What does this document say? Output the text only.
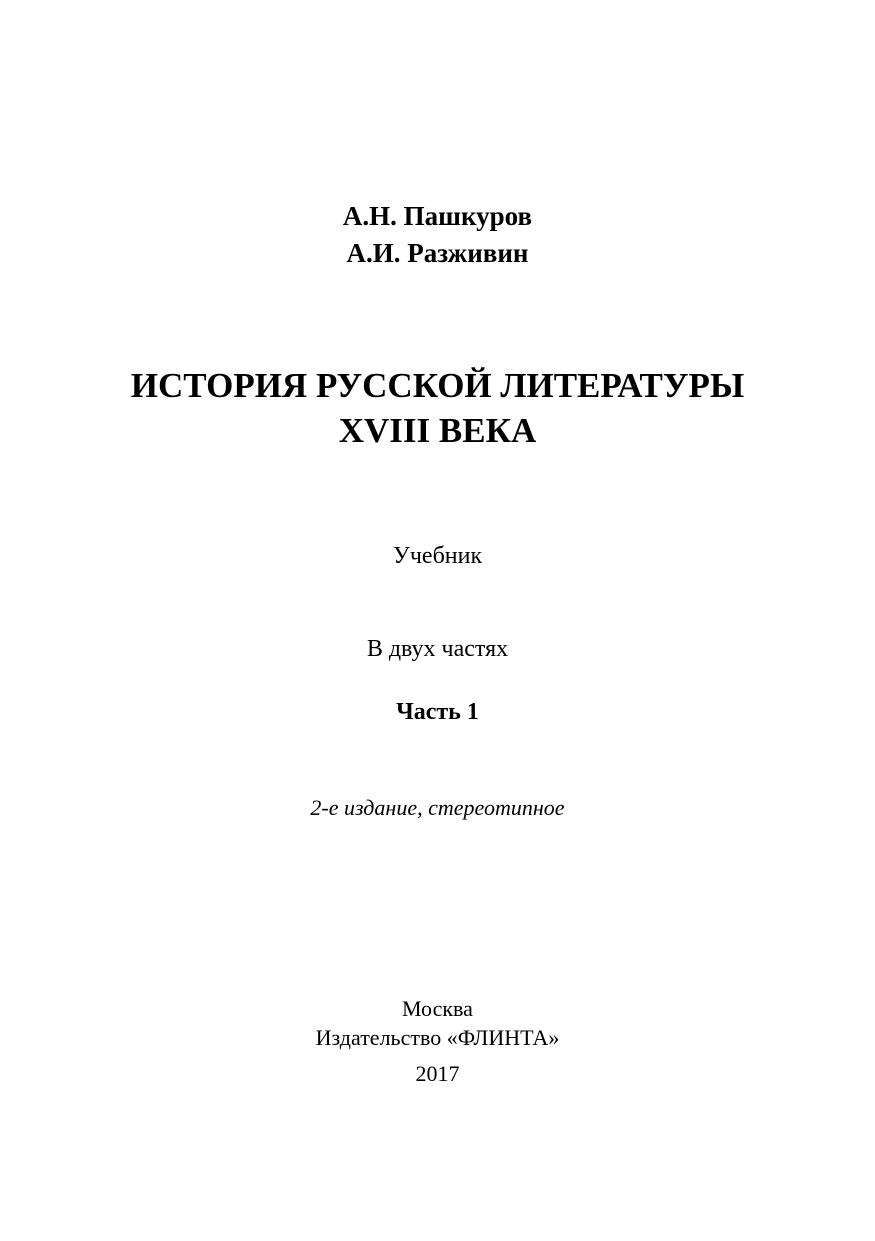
А.Н. Пашкуров
А.И. Разживин
ИСТОРИЯ РУССКОЙ ЛИТЕРАТУРЫ
XVIII ВЕКА
Учебник
В двух частях
Часть 1
2-е издание, стереотипное
Москва
Издательство «ФЛИНТА»
2017
